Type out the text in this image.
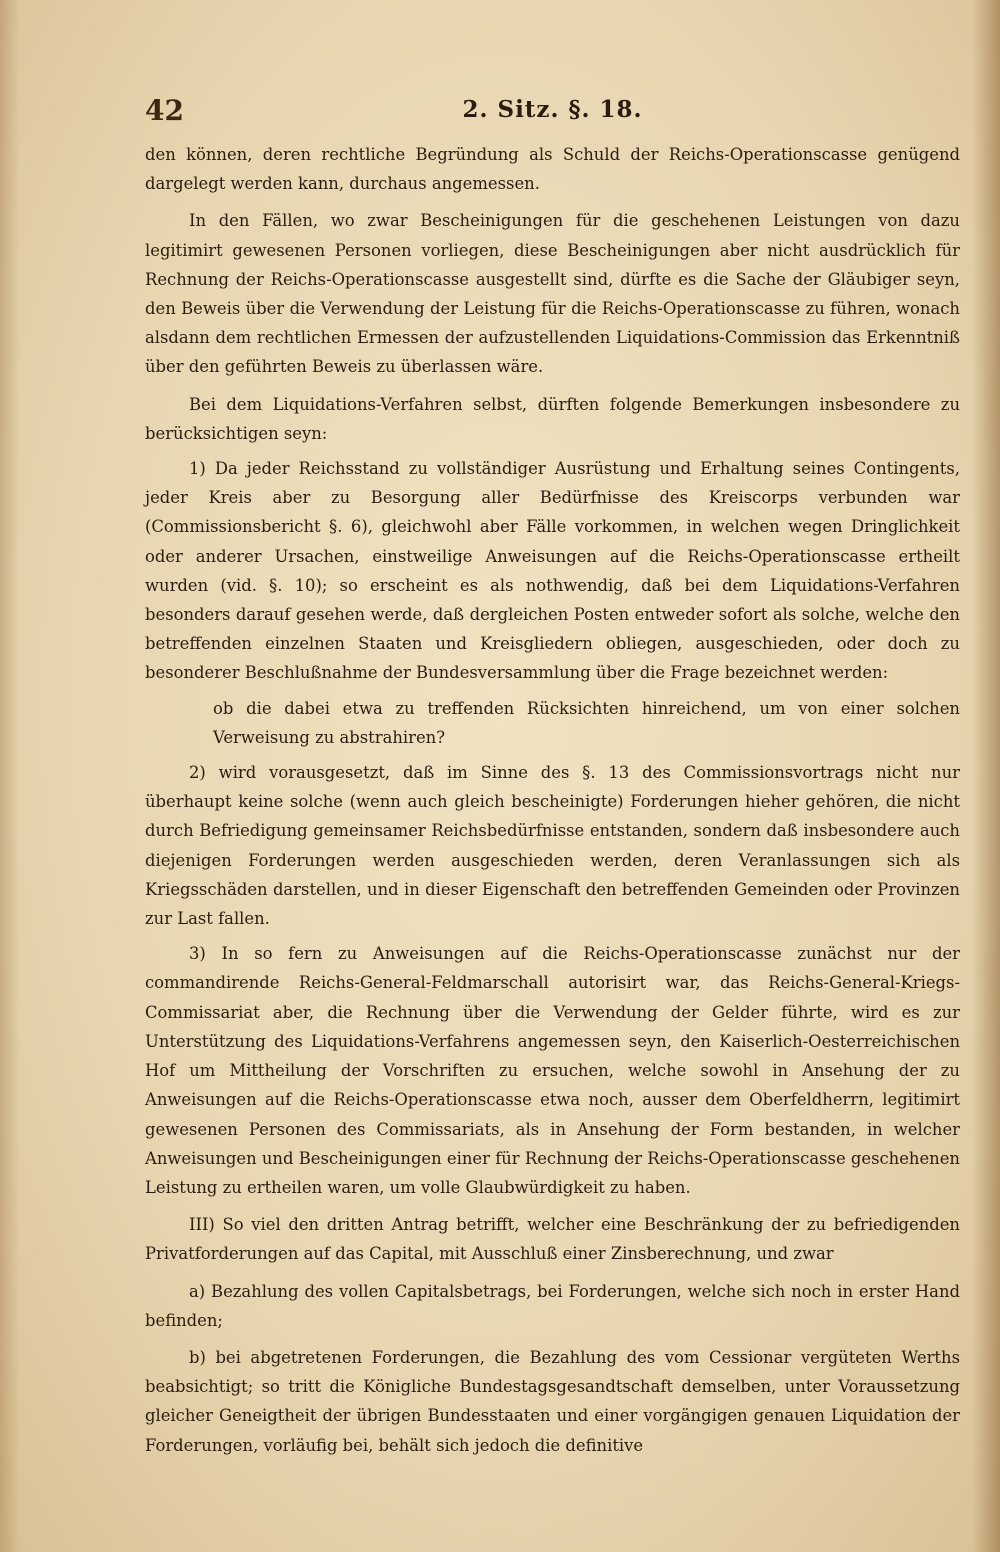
42	2. Sitz. §. 18.

den können, deren rechtliche Begründung als Schuld der Reichs-Operationscasse genügend dargelegt werden kann, durchaus angemessen.

In den Fällen, wo zwar Bescheinigungen für die geschehenen Leistungen von dazu legitimirt gewesenen Personen vorliegen, diese Bescheinigungen aber nicht ausdrücklich für Rechnung der Reichs-Operationscasse ausgestellt sind, dürfte es die Sache der Gläubiger seyn, den Beweis über die Verwendung der Leistung für die Reichs-Operationscasse zu führen, wonach alsdann dem rechtlichen Ermessen der aufzustellenden Liquidations-Commission das Erkenntniß über den geführten Beweis zu überlassen wäre.

Bei dem Liquidations-Verfahren selbst, dürften folgende Bemerkungen insbesondere zu berücksichtigen seyn:

1) Da jeder Reichsstand zu vollständiger Ausrüstung und Erhaltung seines Contingents, jeder Kreis aber zu Besorgung aller Bedürfnisse des Kreiscorps verbunden war (Commissionsbericht §. 6), gleichwohl aber Fälle vorkommen, in welchen wegen Dringlichkeit oder anderer Ursachen, einstweilige Anweisungen auf die Reichs-Operationscasse ertheilt wurden (vid. §. 10); so erscheint es als nothwendig, daß bei dem Liquidations-Verfahren besonders darauf gesehen werde, daß dergleichen Posten entweder sofort als solche, welche den betreffenden einzelnen Staaten und Kreisgliedern obliegen, ausgeschieden, oder doch zu besonderer Beschlußnahme der Bundesversammlung über die Frage bezeichnet werden:

ob die dabei etwa zu treffenden Rücksichten hinreichend, um von einer solchen Verweisung zu abstrahiren?

2) wird vorausgesetzt, daß im Sinne des §. 13 des Commissionsvortrags nicht nur überhaupt keine solche (wenn auch gleich bescheinigte) Forderungen hieher gehören, die nicht durch Befriedigung gemeinsamer Reichsbedürfnisse entstanden, sondern daß insbesondere auch diejenigen Forderungen werden ausgeschieden werden, deren Veranlassungen sich als Kriegsschäden darstellen, und in dieser Eigenschaft den betreffenden Gemeinden oder Provinzen zur Last fallen.

3) In so fern zu Anweisungen auf die Reichs-Operationscasse zunächst nur der commandirende Reichs-General-Feldmarschall autorisirt war, das Reichs-General-Kriegs-Commissariat aber, die Rechnung über die Verwendung der Gelder führte, wird es zur Unterstützung des Liquidations-Verfahrens angemessen seyn, den Kaiserlich-Oesterreichischen Hof um Mittheilung der Vorschriften zu ersuchen, welche sowohl in Ansehung der zu Anweisungen auf die Reichs-Operationscasse etwa noch, ausser dem Oberfeldherrn, legitimirt gewesenen Personen des Commissariats, als in Ansehung der Form bestanden, in welcher Anweisungen und Bescheinigungen einer für Rechnung der Reichs-Operationscasse geschehenen Leistung zu ertheilen waren, um volle Glaubwürdigkeit zu haben.

III) So viel den dritten Antrag betrifft, welcher eine Beschränkung der zu befriedigenden Privatforderungen auf das Capital, mit Ausschluß einer Zinsberechnung, und zwar

a) Bezahlung des vollen Capitalsbetrags, bei Forderungen, welche sich noch in erster Hand befinden;

b) bei abgetretenen Forderungen, die Bezahlung des vom Cessionar vergüteten Werths beabsichtigt; so tritt die Königliche Bundestagsgesandtschaft demselben, unter Voraussetzung gleicher Geneigtheit der übrigen Bundesstaaten und einer vorgängigen genauen Liquidation der Forderungen, vorläufig bei, behält sich jedoch die definitive
